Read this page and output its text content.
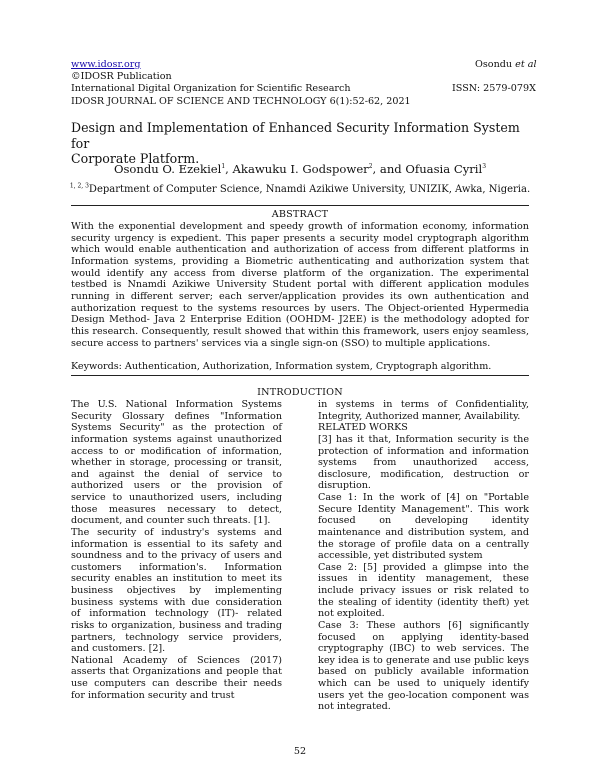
www.idosr.org	Osondu et al
©IDOSR Publication
International Digital Organization for Scientific Research	ISSN: 2579-079X
IDOSR JOURNAL OF SCIENCE AND TECHNOLOGY 6(1):52-62, 2021
Design and Implementation of Enhanced Security Information System for
Corporate Platform.
Osondu O. Ezekiel$^1$, Akawuku I. Godspower$^2$, and Ofuasia Cyril$^3$
$^{1, 2, 3}$Department of Computer Science, Nnamdi Azikiwe University, UNIZIK, Awka, Nigeria.
ABSTRACT

With the exponential development and speedy growth of information economy, information security urgency is expedient. This paper presents a security model cryptograph algorithm which would enable authentication and authorization of access from different platforms in Information systems, providing a Biometric authenticating and authorization system that would identify any access from diverse platform of the organization. The experimental testbed is Nnamdi Azikiwe University Student portal with different application modules running in different server; each server/application provides its own authentication and authorization request to the systems resources by users. The Object-oriented Hypermedia Design Method- Java 2 Enterprise Edition (OOHDM- J2EE) is the methodology adopted for this research. Consequently, result showed that within this framework, users enjoy seamless, secure access to partners' services via a single sign-on (SSO) to multiple applications.

Keywords: Authentication, Authorization, Information system, Cryptograph algorithm.

INTRODUCTION

The U.S. National Information Systems Security Glossary defines "Information Systems Security" as the protection of information systems against unauthorized access to or modification of information, whether in storage, processing or transit, and against the denial of service to authorized users or the provision of service to unauthorized users, including those measures necessary to detect, document, and counter such threats. [1].

The security of industry's systems and information is essential to its safety and soundness and to the privacy of users and customers information's. Information security enables an institution to meet its business objectives by implementing business systems with due consideration of information technology (IT)- related risks to organization, business and trading partners, technology service providers, and customers. [2].

National Academy of Sciences (2017) asserts that Organizations and people that use computers can describe their needs for information security and trust

in systems in terms of Confidentiality, Integrity, Authorized manner, Availability.

RELATED WORKS

[3] has it that, Information security is the protection of information and information systems from unauthorized access, disclosure, modification, destruction or disruption.

Case 1: In the work of [4] on "Portable Secure Identity Management". This work focused on developing identity maintenance and distribution system, and the storage of profile data on a centrally accessible, yet distributed system

Case 2: [5] provided a glimpse into the issues in identity management, these include privacy issues or risk related to the stealing of identity (identity theft) yet not exploited.

Case 3: These authors [6] significantly focused on applying identity-based cryptography (IBC) to web services. The key idea is to generate and use public keys based on publicly available information which can be used to uniquely identify users yet the geo-location component was not integrated.

52
